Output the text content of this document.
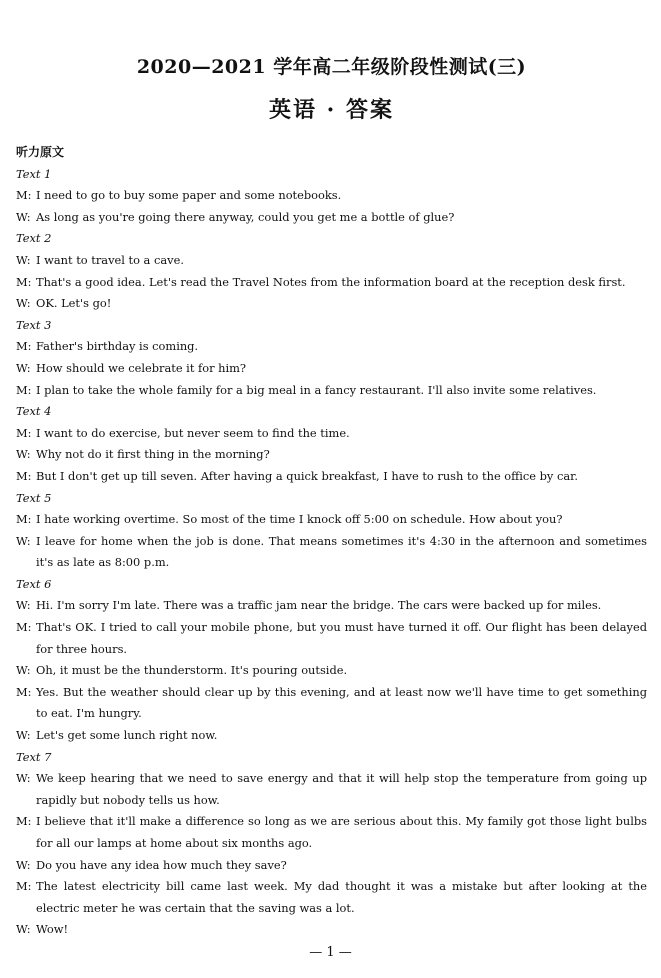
2020—2021 学年高二年级阶段性测试(三)
英语 · 答案
听力原文
Text 1
M: I need to go to buy some paper and some notebooks.
W: As long as you're going there anyway, could you get me a bottle of glue?
Text 2
W: I want to travel to a cave.
M: That's a good idea. Let's read the Travel Notes from the information board at the reception desk first.
W: OK. Let's go!
Text 3
M: Father's birthday is coming.
W: How should we celebrate it for him?
M: I plan to take the whole family for a big meal in a fancy restaurant. I'll also invite some relatives.
Text 4
M: I want to do exercise, but never seem to find the time.
W: Why not do it first thing in the morning?
M: But I don't get up till seven. After having a quick breakfast, I have to rush to the office by car.
Text 5
M: I hate working overtime. So most of the time I knock off 5:00 on schedule. How about you?
W: I leave for home when the job is done. That means sometimes it's 4:30 in the afternoon and sometimes it's as late as 8:00 p.m.
Text 6
W: Hi. I'm sorry I'm late. There was a traffic jam near the bridge. The cars were backed up for miles.
M: That's OK. I tried to call your mobile phone, but you must have turned it off. Our flight has been delayed for three hours.
W: Oh, it must be the thunderstorm. It's pouring outside.
M: Yes. But the weather should clear up by this evening, and at least now we'll have time to get something to eat. I'm hungry.
W: Let's get some lunch right now.
Text 7
W: We keep hearing that we need to save energy and that it will help stop the temperature from going up rapidly but nobody tells us how.
M: I believe that it'll make a difference so long as we are serious about this. My family got those light bulbs for all our lamps at home about six months ago.
W: Do you have any idea how much they save?
M: The latest electricity bill came last week. My dad thought it was a mistake but after looking at the electric meter he was certain that the saving was a lot.
W: Wow!
— 1 —
